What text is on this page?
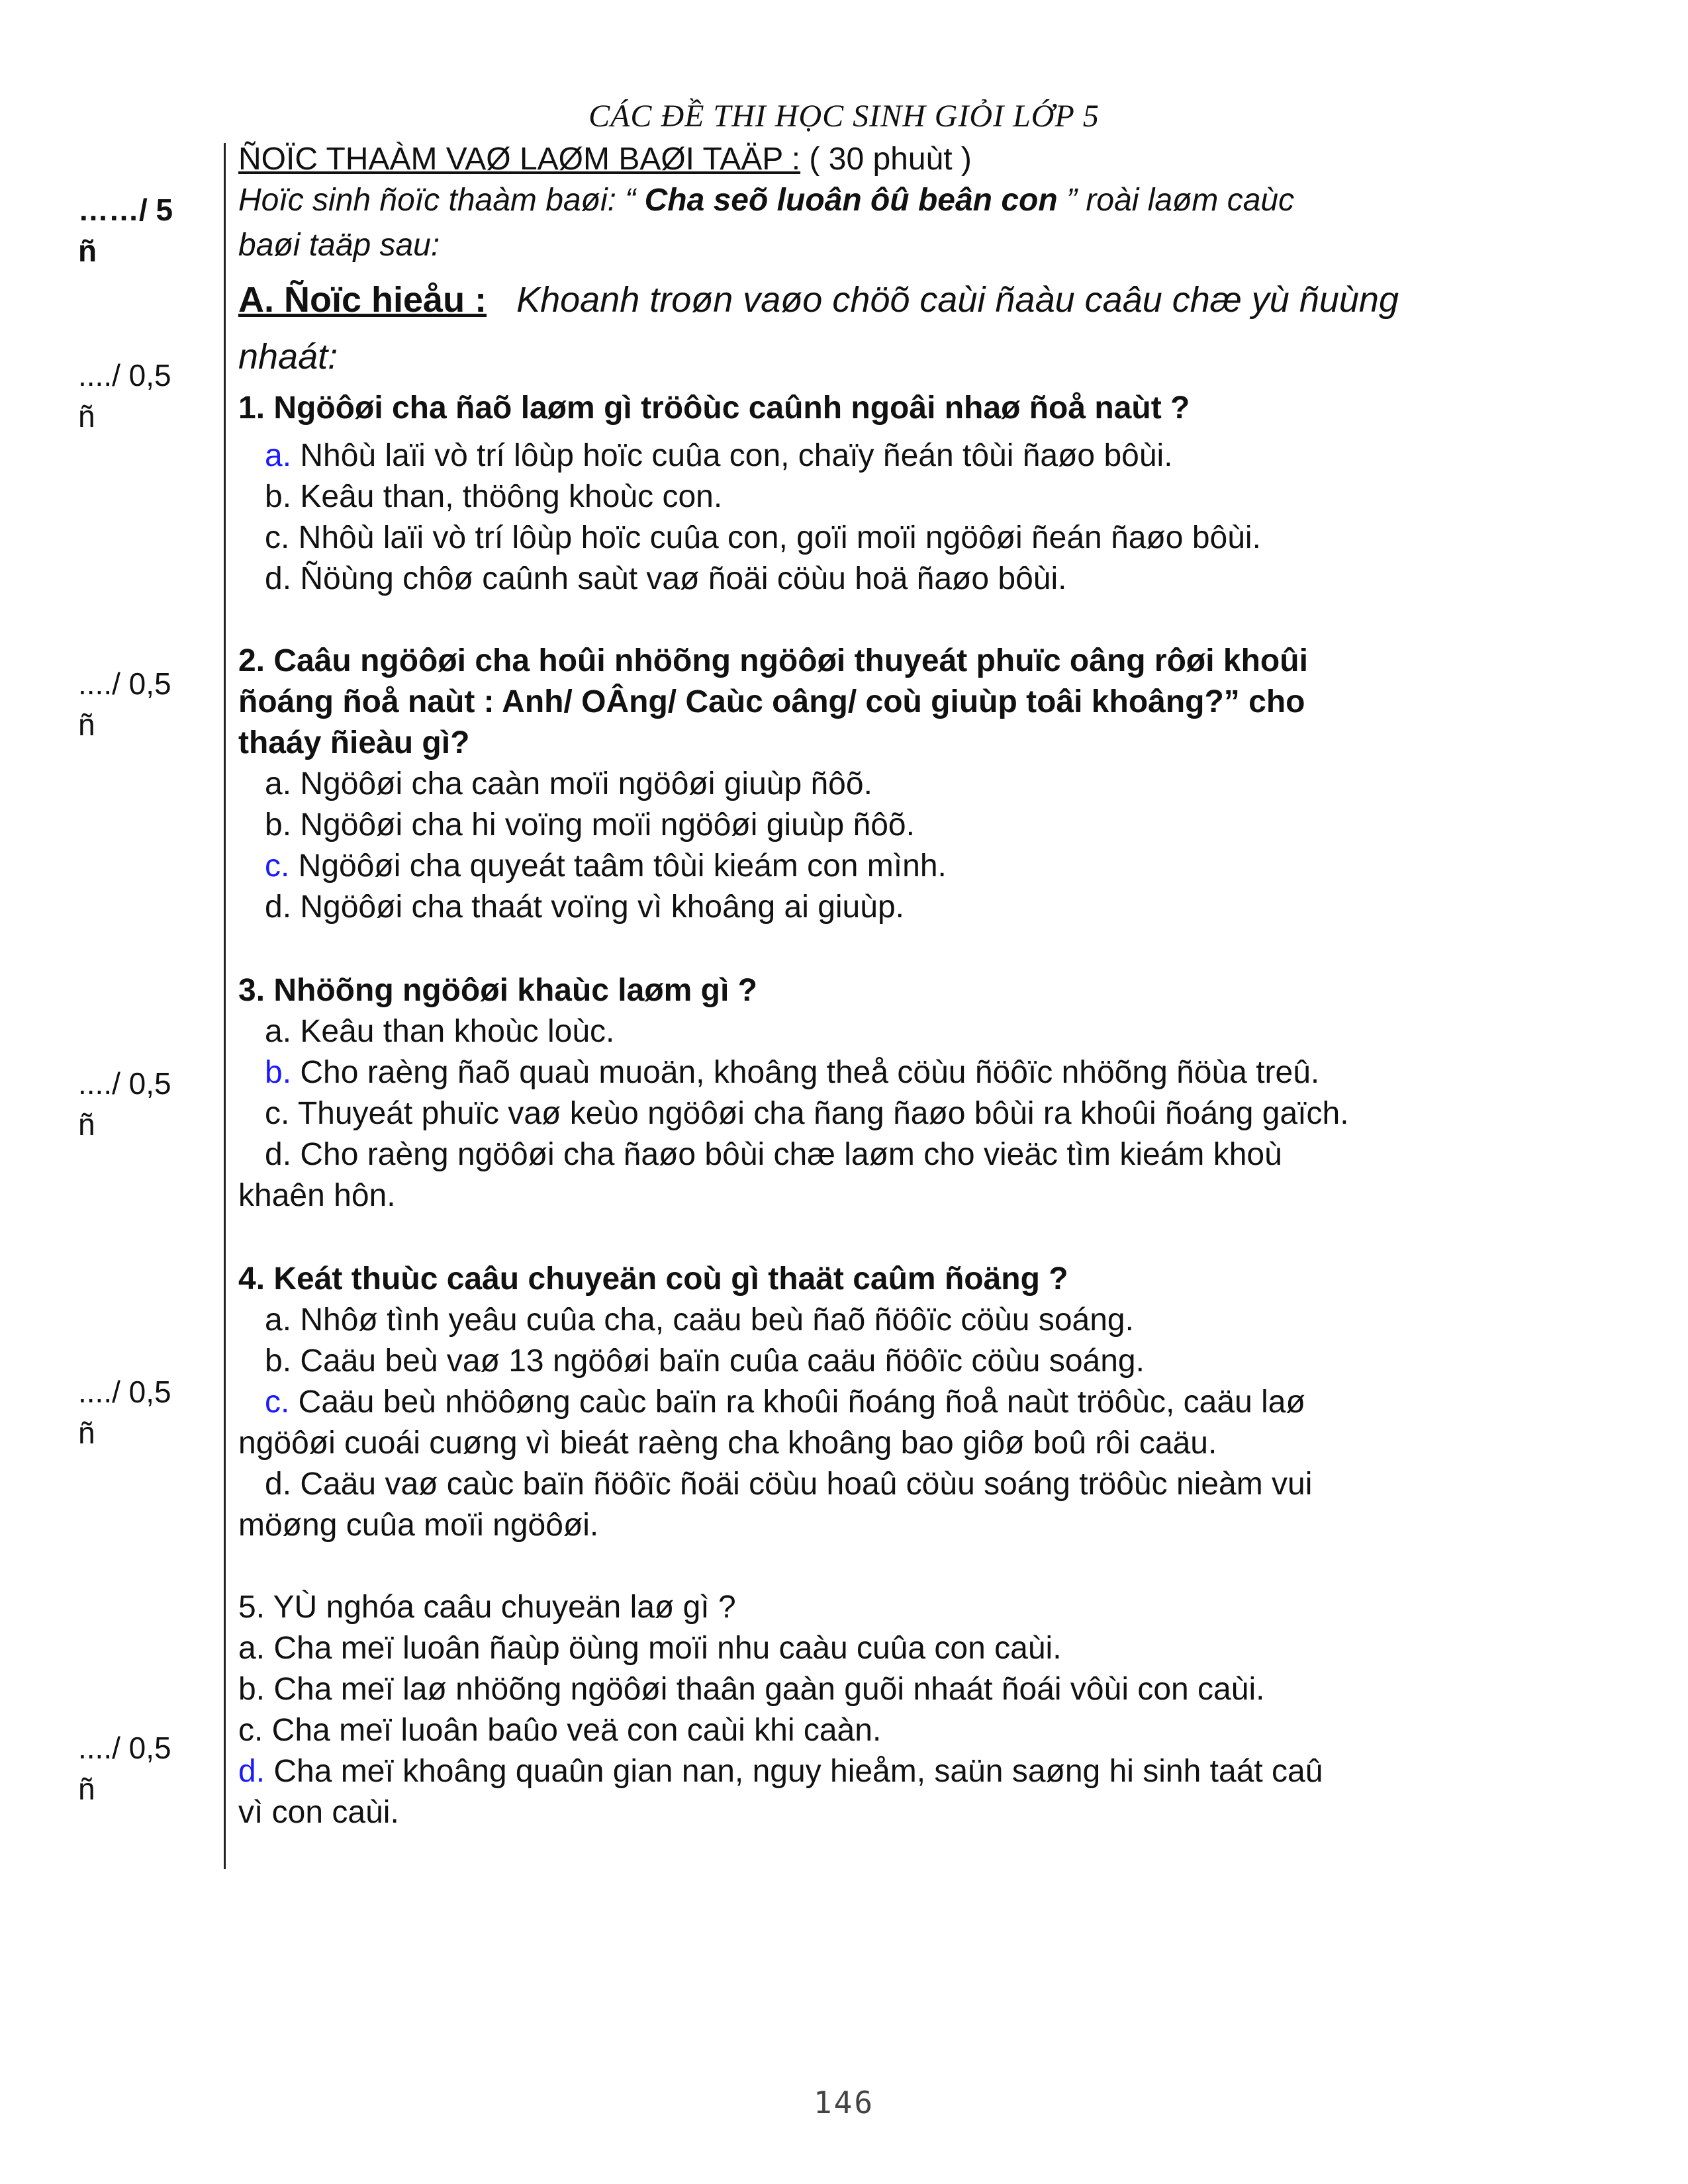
CÁC ĐỀ THI HỌC SINH GIỎI LỚP 5
……/ 5
ñ
..../ 0,5
ñ
..../ 0,5
ñ
..../ 0,5
ñ
..../ 0,5
ñ
..../ 0,5
ñ
ÑOÏC THAÀM VAØ LAØM BAØI TAÄP : ( 30 phuùt )
Hoïc sinh ñoïc thaàm baøi: “ Cha seõ luoân ôû beân con ” roài laøm caùc
baøi taäp sau:
A. Ñoïc hieåu : Khoanh troøn vaøo chöõ caùi ñaàu caâu chæ yù ñuùng
nhaát:
1. Ngöôøi cha ñaõ laøm gì tröôùc caûnh ngoâi nhaø ñoå naùt ?
a. Nhôù laïi vò trí lôùp hoïc cuûa con, chaïy ñeán tôùi ñaøo bôùi.
b. Keâu than, thöông khoùc con.
c. Nhôù laïi vò trí lôùp hoïc cuûa con, goïi moïi ngöôøi ñeán ñaøo bôùi.
d. Ñöùng chôø caûnh saùt vaø ñoäi cöùu hoä ñaøo bôùi.
2. Caâu ngöôøi cha hoûi nhöõng ngöôøi thuyeát phuïc oâng rôøi khoûi
ñoáng ñoå naùt : Anh/ OÂng/ Caùc oâng/ coù giuùp toâi khoâng?” cho
thaáy ñieàu gì?
a. Ngöôøi cha caàn moïi ngöôøi giuùp ñôõ.
b. Ngöôøi cha hi voïng moïi ngöôøi giuùp ñôõ.
c. Ngöôøi cha quyeát taâm tôùi kieám con mình.
d. Ngöôøi cha thaát voïng vì khoâng ai giuùp.
3. Nhöõng ngöôøi khaùc laøm gì ?
a. Keâu than khoùc loùc.
b. Cho raèng ñaõ quaù muoän, khoâng theå cöùu ñöôïc nhöõng ñöùa treû.
c. Thuyeát phuïc vaø keùo ngöôøi cha ñang ñaøo bôùi ra khoûi ñoáng gaïch.
d. Cho raèng ngöôøi cha ñaøo bôùi chæ laøm cho vieäc tìm kieám khoù
khaên hôn.
4. Keát thuùc caâu chuyeän coù gì thaät caûm ñoäng ?
a. Nhôø tình yeâu cuûa cha, caäu beù ñaõ ñöôïc cöùu soáng.
b. Caäu beù vaø 13 ngöôøi baïn cuûa caäu ñöôïc cöùu soáng.
c. Caäu beù nhöôøng caùc baïn ra khoûi ñoáng ñoå naùt tröôùc, caäu laø
ngöôøi cuoái cuøng vì bieát raèng cha khoâng bao giôø boû rôi caäu.
d. Caäu vaø caùc baïn ñöôïc ñoäi cöùu hoaû cöùu soáng tröôùc nieàm vui
möøng cuûa moïi ngöôøi.
5. YÙ nghóa caâu chuyeän laø gì ?
a. Cha meï luoân ñaùp öùng moïi nhu caàu cuûa con caùi.
b. Cha meï laø nhöõng ngöôøi thaân gaàn guõi nhaát ñoái vôùi con caùi.
c. Cha meï luoân baûo veä con caùi khi caàn.
d. Cha meï khoâng quaûn gian nan, nguy hieåm, saün saøng hi sinh taát caû
vì con caùi.
146
